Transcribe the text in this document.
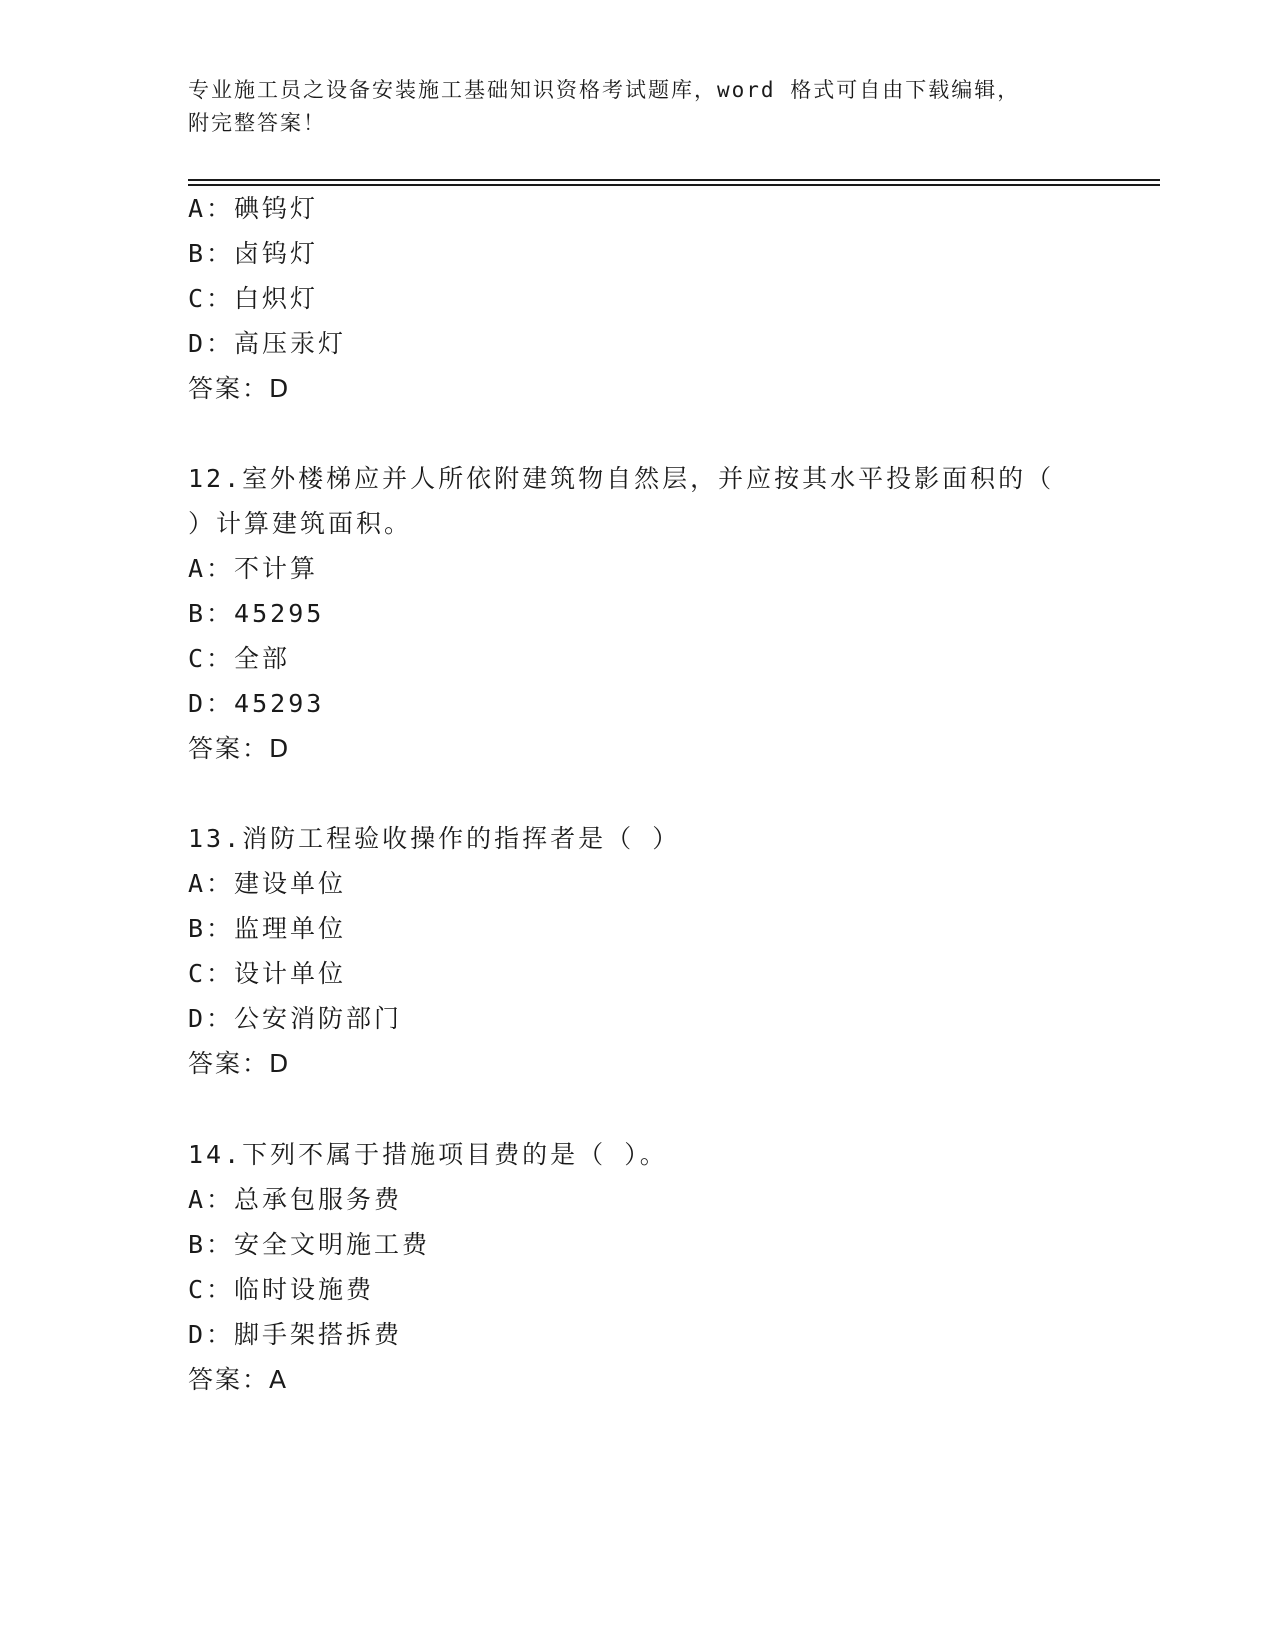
专业施工员之设备安装施工基础知识资格考试题库，word 格式可自由下载编辑，
附完整答案！
A：碘钨灯
B：卤钨灯
C：白炽灯
D：高压汞灯
答案：D
12.室外楼梯应并人所依附建筑物自然层，并应按其水平投影面积的（
）计算建筑面积。
A：不计算
B：45295
C：全部
D：45293
答案：D
13.消防工程验收操作的指挥者是（ ）
A：建设单位
B：监理单位
C：设计单位
D：公安消防部门
答案：D
14.下列不属于措施项目费的是（ ）。
A：总承包服务费
B：安全文明施工费
C：临时设施费
D：脚手架搭拆费
答案：A
